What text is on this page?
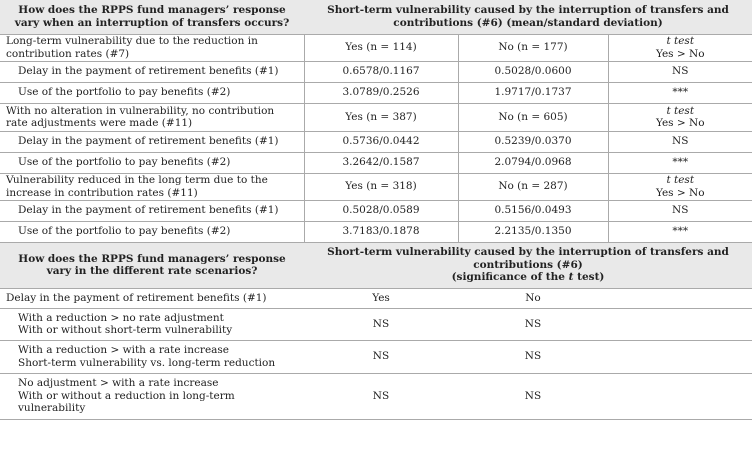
How does the RPPS fund managers’ response vary when an interruption of transfers occurs?	Short-term vulnerability caused by the interruption of transfers and contributions (#6) (mean/standard deviation)		
Long-term vulnerability due to the reduction in contribution rates (#7)	Yes (n = 114)	No (n = 177)	t test
Yes > No
Delay in the payment of retirement benefits (#1)	0.6578/0.1167	0.5028/0.0600	NS
Use of the portfolio to pay benefits (#2)	3.0789/0.2526	1.9717/0.1737	***
With no alteration in vulnerability, no contribution rate adjustments were made (#11)	Yes (n = 387)	No (n = 605)	t test
Yes > No
Delay in the payment of retirement benefits (#1)	0.5736/0.0442	0.5239/0.0370	NS
Use of the portfolio to pay benefits (#2)	3.2642/0.1587	2.0794/0.0968	***
Vulnerability reduced in the long term due to the increase in contribution rates (#11)	Yes (n = 318)	No (n = 287)	t test
Yes > No
Delay in the payment of retirement benefits (#1)	0.5028/0.0589	0.5156/0.0493	NS
Use of the portfolio to pay benefits (#2)	3.7183/0.1878	2.2135/0.1350	***
How does the RPPS fund managers’ response vary in the different rate scenarios?	Short-term vulnerability caused by the interruption of transfers and contributions (#6)
(significance of the t test)		
Delay in the payment of retirement benefits (#1)	Yes	No	
With a reduction > no rate adjustment
With or without short-term vulnerability	NS	NS	
With a reduction > with a rate increase
Short-term vulnerability vs. long-term reduction	NS	NS	
No adjustment > with a rate increase
With or without a reduction in long-term vulnerability	NS	NS	
